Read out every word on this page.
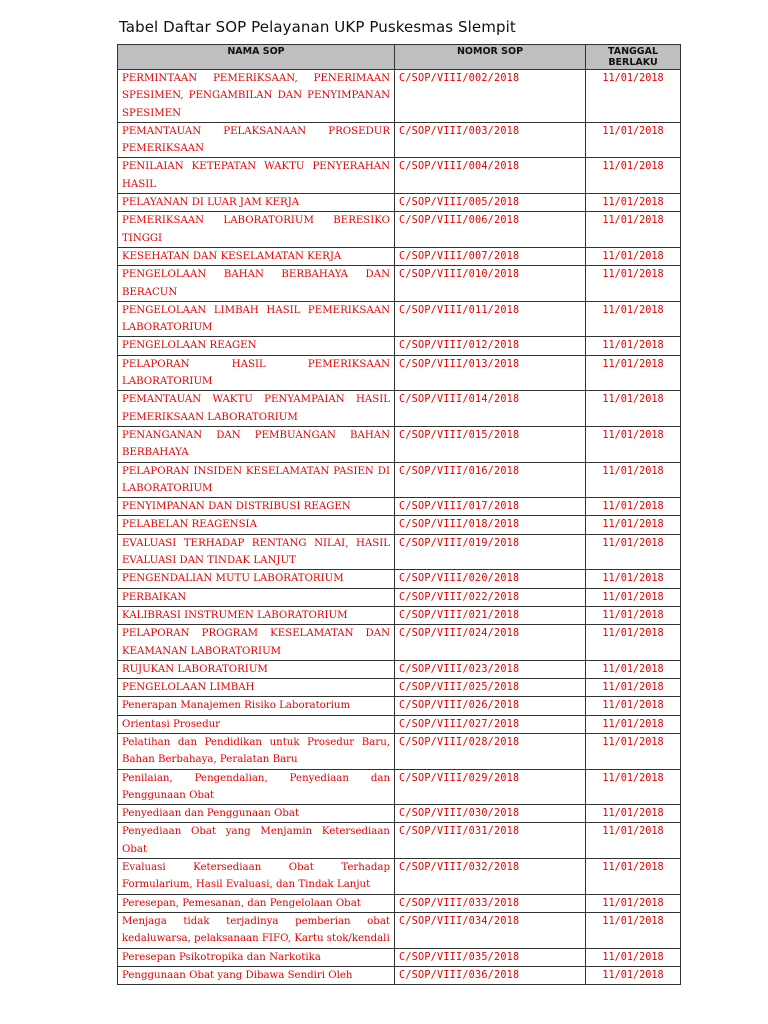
Tabel Daftar SOP Pelayanan UKP Puskesmas Slempit
NAMA SOP	NOMOR SOP	TANGGAL BERLAKU
PERMINTAAN PEMERIKSAAN, PENERIMAAN SPESIMEN, PENGAMBILAN DAN PENYIMPANAN SPESIMEN	C/SOP/VIII/002/2018	11/01/2018
PEMANTAUAN PELAKSANAAN PROSEDUR PEMERIKSAAN	C/SOP/VIII/003/2018	11/01/2018
PENILAIAN KETEPATAN WAKTU PENYERAHAN HASIL	C/SOP/VIII/004/2018	11/01/2018
PELAYANAN DI LUAR JAM KERJA	C/SOP/VIII/005/2018	11/01/2018
PEMERIKSAAN LABORATORIUM BERESIKO TINGGI	C/SOP/VIII/006/2018	11/01/2018
KESEHATAN DAN KESELAMATAN KERJA	C/SOP/VIII/007/2018	11/01/2018
PENGELOLAAN BAHAN BERBAHAYA DAN BERACUN	C/SOP/VIII/010/2018	11/01/2018
PENGELOLAAN LIMBAH HASIL PEMERIKSAAN LABORATORIUM	C/SOP/VIII/011/2018	11/01/2018
PENGELOLAAN REAGEN	C/SOP/VIII/012/2018	11/01/2018
PELAPORAN HASIL PEMERIKSAAN LABORATORIUM	C/SOP/VIII/013/2018	11/01/2018
PEMANTAUAN WAKTU PENYAMPAIAN HASIL PEMERIKSAAN LABORATORIUM	C/SOP/VIII/014/2018	11/01/2018
PENANGANAN DAN PEMBUANGAN BAHAN BERBAHAYA	C/SOP/VIII/015/2018	11/01/2018
PELAPORAN INSIDEN KESELAMATAN PASIEN DI LABORATORIUM	C/SOP/VIII/016/2018	11/01/2018
PENYIMPANAN DAN DISTRIBUSI REAGEN	C/SOP/VIII/017/2018	11/01/2018
PELABELAN REAGENSIA	C/SOP/VIII/018/2018	11/01/2018
EVALUASI TERHADAP RENTANG NILAI, HASIL EVALUASI DAN TINDAK LANJUT	C/SOP/VIII/019/2018	11/01/2018
PENGENDALIAN MUTU LABORATORIUM	C/SOP/VIII/020/2018	11/01/2018
PERBAIKAN	C/SOP/VIII/022/2018	11/01/2018
KALIBRASI INSTRUMEN LABORATORIUM	C/SOP/VIII/021/2018	11/01/2018
PELAPORAN PROGRAM KESELAMATAN DAN KEAMANAN LABORATORIUM	C/SOP/VIII/024/2018	11/01/2018
RUJUKAN LABORATORIUM	C/SOP/VIII/023/2018	11/01/2018
PENGELOLAAN LIMBAH	C/SOP/VIII/025/2018	11/01/2018
Penerapan Manajemen Risiko Laboratorium	C/SOP/VIII/026/2018	11/01/2018
Orientasi Prosedur	C/SOP/VIII/027/2018	11/01/2018
Pelatihan dan Pendidikan untuk Prosedur Baru, Bahan Berbahaya, Peralatan Baru	C/SOP/VIII/028/2018	11/01/2018
Penilaian, Pengendalian, Penyediaan dan Penggunaan Obat	C/SOP/VIII/029/2018	11/01/2018
Penyediaan dan Penggunaan Obat	C/SOP/VIII/030/2018	11/01/2018
Penyediaan Obat yang Menjamin Ketersediaan Obat	C/SOP/VIII/031/2018	11/01/2018
Evaluasi Ketersediaan Obat Terhadap Formularium, Hasil Evaluasi, dan Tindak Lanjut	C/SOP/VIII/032/2018	11/01/2018
Peresepan, Pemesanan, dan Pengelolaan Obat	C/SOP/VIII/033/2018	11/01/2018
Menjaga tidak terjadinya pemberian obat kedaluwarsa, pelaksanaan FIFO, Kartu stok/kendali	C/SOP/VIII/034/2018	11/01/2018
Peresepan Psikotropika dan Narkotika	C/SOP/VIII/035/2018	11/01/2018
Penggunaan Obat yang Dibawa Sendiri Oleh	C/SOP/VIII/036/2018	11/01/2018
